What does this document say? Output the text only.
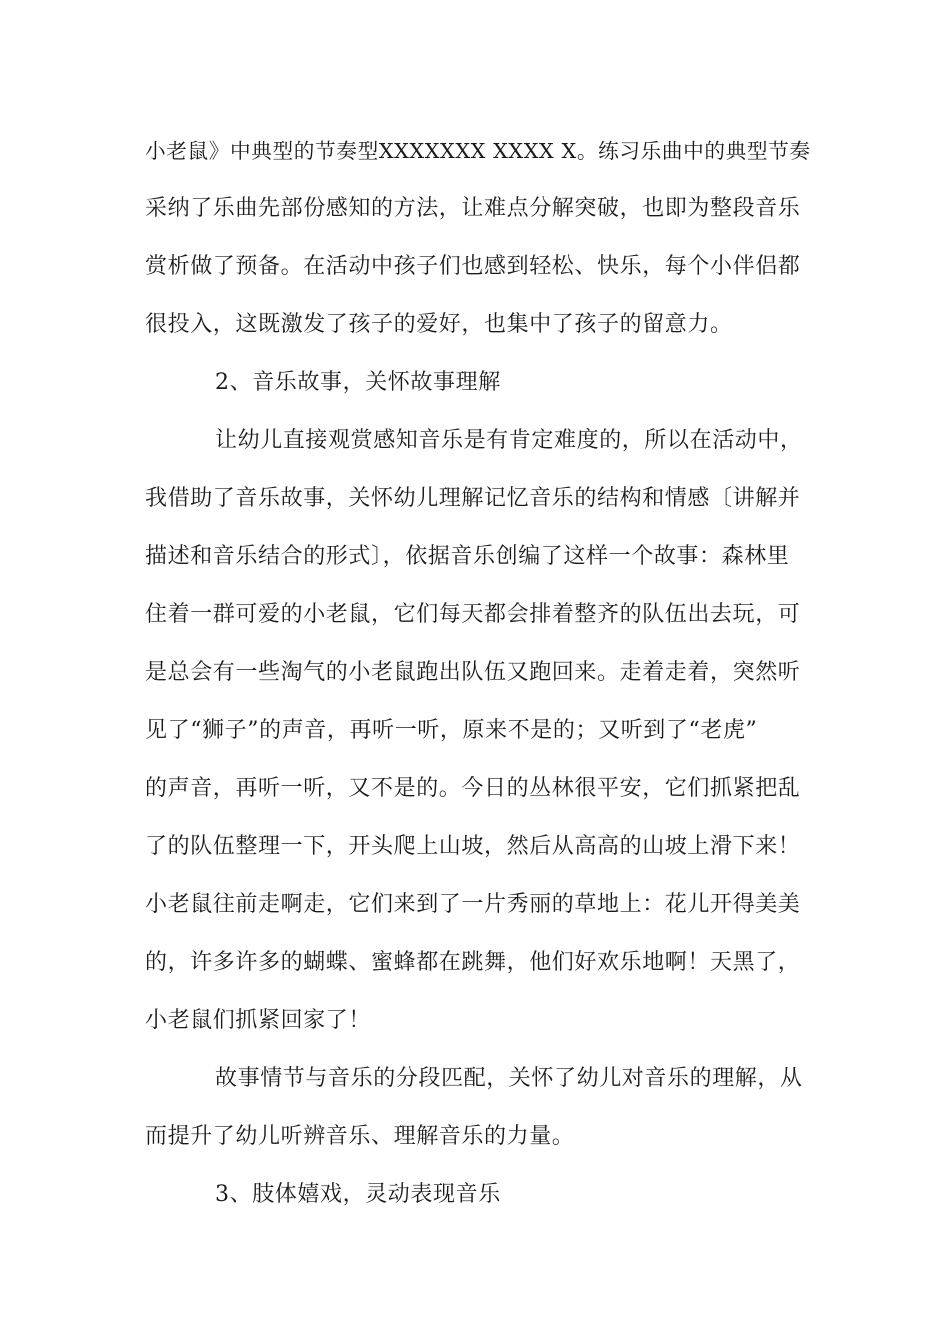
小老鼠》中典型的节奏型XXXXXXX XXXX X。练习乐曲中的典型节奏
采纳了乐曲先部份感知的方法，让难点分解突破，也即为整段音乐
赏析做了预备。在活动中孩子们也感到轻松、快乐，每个小伴侣都
很投入，这既激发了孩子的爱好，也集中了孩子的留意力。
2、音乐故事，关怀故事理解
让幼儿直接观赏感知音乐是有肯定难度的，所以在活动中，
我借助了音乐故事，关怀幼儿理解记忆音乐的结构和情感〔讲解并
描述和音乐结合的形式〕，依据音乐创编了这样一个故事：森林里
住着一群可爱的小老鼠，它们每天都会排着整齐的队伍出去玩，可
是总会有一些淘气的小老鼠跑出队伍又跑回来。走着走着，突然听
见了“狮子”的声音，再听一听，原来不是的；又听到了“老虎”
的声音，再听一听，又不是的。今日的丛林很平安，它们抓紧把乱
了的队伍整理一下，开头爬上山坡，然后从高高的山坡上滑下来！
小老鼠往前走啊走，它们来到了一片秀丽的草地上：花儿开得美美
的，许多许多的蝴蝶、蜜蜂都在跳舞，他们好欢乐地啊！天黑了，
小老鼠们抓紧回家了！
故事情节与音乐的分段匹配，关怀了幼儿对音乐的理解，从
而提升了幼儿听辨音乐、理解音乐的力量。
3、肢体嬉戏，灵动表现音乐
